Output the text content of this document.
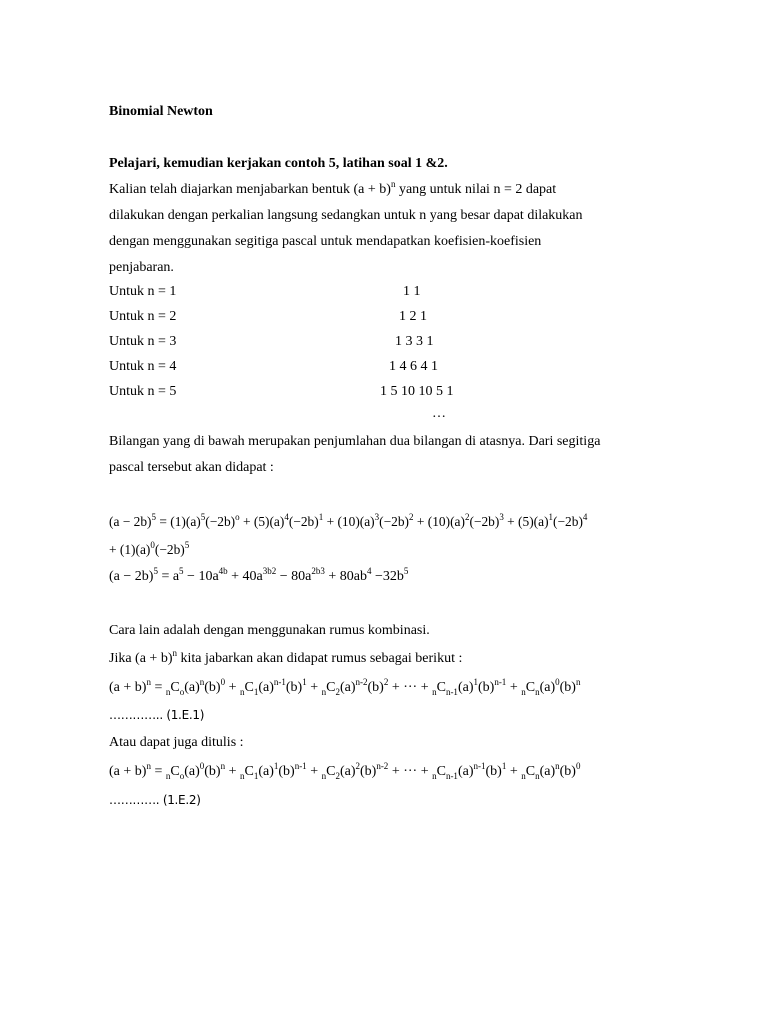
Binomial Newton
Pelajari, kemudian kerjakan contoh 5, latihan soal 1 &2.
Kalian telah diajarkan menjabarkan bentuk $(a + b)^n$ yang untuk nilai n = 2 dapat
dilakukan dengan perkalian langsung sedangkan untuk n yang besar dapat dilakukan
dengan menggunakan segitiga pascal untuk mendapatkan koefisien-koefisien
penjabaran.
Untuk n = 1	1 1
Untuk n = 2	1 2 1
Untuk n = 3	1 3 3 1
Untuk n = 4	1 4 6 4 1
Untuk n = 5	1 5 10 10 5 1
…
Bilangan yang di bawah merupakan penjumlahan dua bilangan di atasnya. Dari segitiga
pascal tersebut akan didapat :
$(a - 2b)^5 = (1)(a)^5(-2b)^o + (5)(a)^4(-2b)^1 + (10)(a)^3(-2b)^2 + (10)(a)^2(-2b)^3 + (5)(a)^1(-2b)^4$
+ $(1)(a)^0(-2b)^5$
$(a - 2b)^5 = a^5 - 10a^{4b} + 40a^{3b2} - 80a^{2b3} + 80ab^4 -32b^5$
Cara lain adalah dengan menggunakan rumus kombinasi.
Jika $(a + b)^n$ kita jabarkan akan didapat rumus sebagai berikut :
$(a + b)^n = _nC_o(a)^n(b)^0 + _nC_1(a)^{n-1}(b)^1 + _nC_2(a)^{n-2}(b)^2$ + ··· + $_nC_{n-1}(a)^1(b)^{n-1} + _nC_n(a)^0(b)^n$
………….. (1.E.1)
Atau dapat juga ditulis :
$(a + b)^n = _nC_o(a)^0(b)^n + _nC_1(a)^1(b)^{n-1} + _nC_2(a)^2(b)^{n-2}$ + ··· + $_nC_{n-1}(a)^{n-1}(b)^1 + _nC_n(a)^n(b)^0$
…………. (1.E.2)
